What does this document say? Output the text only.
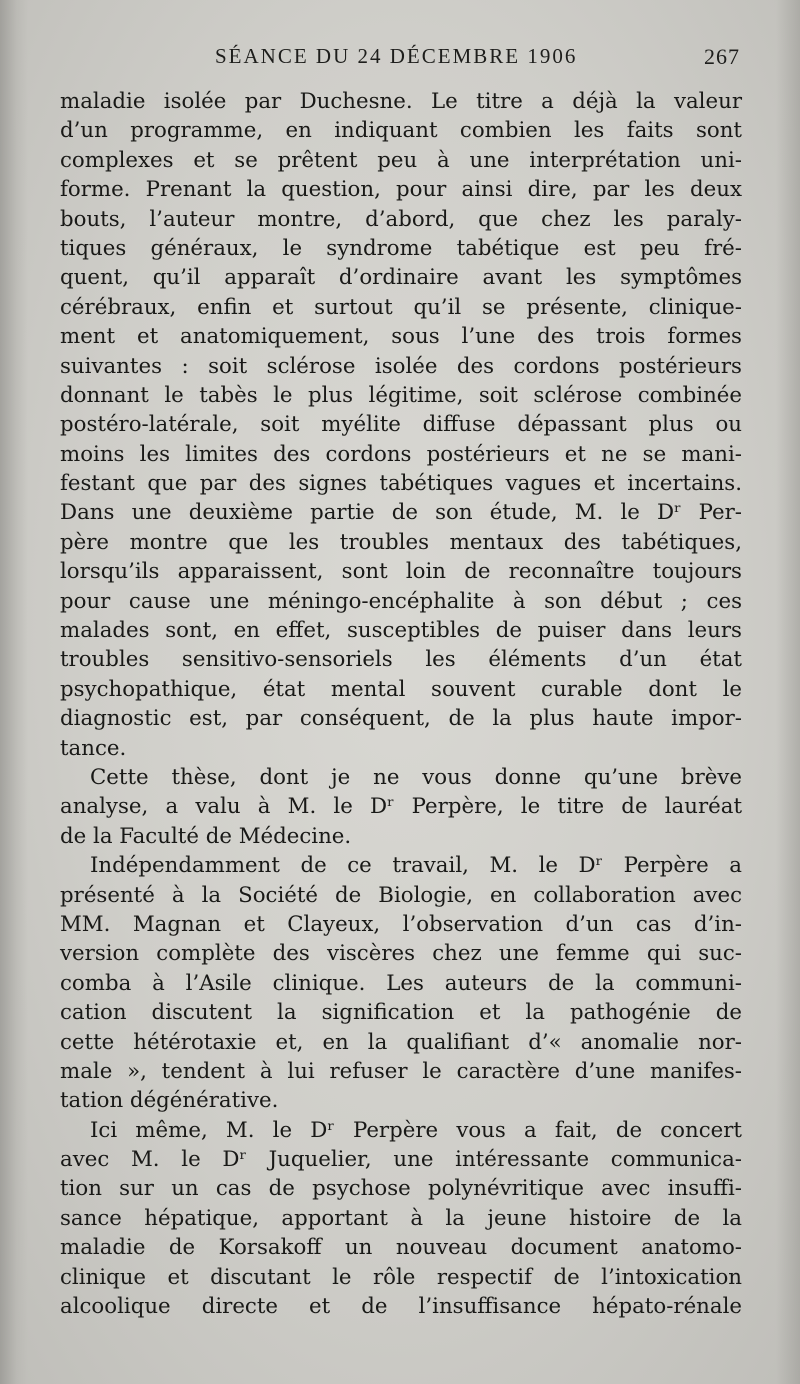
SÉANCE DU 24 DÉCEMBRE 1906	267
maladie isolée par Duchesne. Le titre a déjà la valeur
d’un programme, en indiquant combien les faits sont
complexes et se prêtent peu à une interprétation uni-
forme. Prenant la question, pour ainsi dire, par les deux
bouts, l’auteur montre, d’abord, que chez les paraly-
tiques généraux, le syndrome tabétique est peu fré-
quent, qu’il apparaît d’ordinaire avant les symptômes
cérébraux, enfin et surtout qu’il se présente, clinique-
ment et anatomiquement, sous l’une des trois formes
suivantes : soit sclérose isolée des cordons postérieurs
donnant le tabès le plus légitime, soit sclérose combinée
postéro-latérale, soit myélite diffuse dépassant plus ou
moins les limites des cordons postérieurs et ne se mani-
festant que par des signes tabétiques vagues et incertains.
Dans une deuxième partie de son étude, M. le Dʳ Per-
père montre que les troubles mentaux des tabétiques,
lorsqu’ils apparaissent, sont loin de reconnaître toujours
pour cause une méningo-encéphalite à son début ; ces
malades sont, en effet, susceptibles de puiser dans leurs
troubles sensitivo-sensoriels les éléments d’un état
psychopathique, état mental souvent curable dont le
diagnostic est, par conséquent, de la plus haute impor-
tance.
Cette thèse, dont je ne vous donne qu’une brève
analyse, a valu à M. le Dʳ Perpère, le titre de lauréat
de la Faculté de Médecine.
Indépendamment de ce travail, M. le Dʳ Perpère a
présenté à la Société de Biologie, en collaboration avec
MM. Magnan et Clayeux, l’observation d’un cas d’in-
version complète des viscères chez une femme qui suc-
comba à l’Asile clinique. Les auteurs de la communi-
cation discutent la signification et la pathogénie de
cette hétérotaxie et, en la qualifiant d’« anomalie nor-
male », tendent à lui refuser le caractère d’une manifes-
tation dégénérative.
Ici même, M. le Dʳ Perpère vous a fait, de concert
avec M. le Dʳ Juquelier, une intéressante communica-
tion sur un cas de psychose polynévritique avec insuffi-
sance hépatique, apportant à la jeune histoire de la
maladie de Korsakoff un nouveau document anatomo-
clinique et discutant le rôle respectif de l’intoxication
alcoolique directe et de l’insuffisance hépato-rénale
